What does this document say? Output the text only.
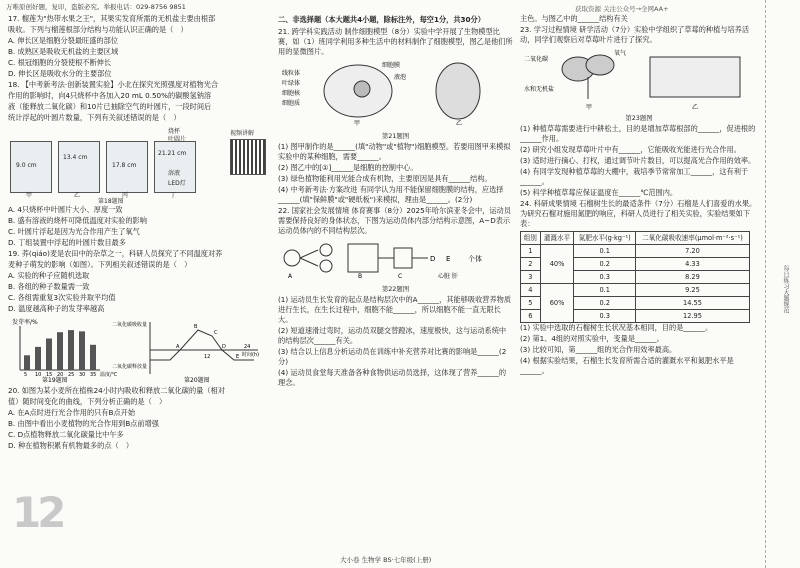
万唯原创好题，复印，盗版必究。举报电话：029-8756 9851	获取资源 关注公众号→全网AA+

17. 榴莲为"热带水果之王"，其果实发育所需的无机盐主要由根部

吸收。下列与榴莲根部分结构与功能认识正确的是（　）

A. 伸长区是细胞分裂最旺盛的部位

B. 成熟区是吸收无机盐的主要区域

C. 根冠细胞的分裂使根不断伸长

D. 伸长区是吸收水分的主要部位

18. 【中考新考法·创新装置实验】小北在探究光照强度对植物光合

作用的影响时，向4只烧杯中各加入20 mL 0.50%的碳酸氢钠溶

液（能释放二氧化碳）和10片已抽除空气的叶圆片，一段时间后

统计浮起的叶圆片数量，下列有关叙述错误的是（　）

9.0 cm
13.4 cm
17.8 cm
21.21 cm
烧杯
叶圆片
溶液
LED灯
甲	乙	丙	丁
第18题图
视频讲解

A. 4只烧杯中叶圆片大小、厚度一致

B. 盛有溶液的烧杯可降低温度对实验的影响

C. 叶圆片浮起是因为光合作用产生了氧气

D. 丁组装置中浮起的叶圆片数目最多

19. 荞(qiáo)麦是农田中的杂草之一，科研人员探究了不同温度对荞

麦种子萌发的影响（如图）。下列相关叙述错误的是（　）

A. 实验的种子应随机选取

B. 各组的种子数量需一致

C. 各组需重复3次实验并取平均值

D. 温度越高种子的发芽率越高

发芽率/%
5 10 15 20 25 30 35 温度/℃
第19题图
二氧化碳吸收量
二氧化碳释放量
A
B
C
D
E
12
24
时间(h)
第20题图

20. 如图为某小麦所在植株24小时内吸收和释放二氧化碳的量（相对

值）随时间变化的曲线，下列分析正确的是（　）

A. 在A点时进行光合作用的只有B点开始

B. 由图中看出小麦植物的光合作用到B点前增强

C. D点植物释放二氧化碳量比中午多

D. 种在植物积累有机物最多的点（　）

12

二、非选择题（本大题共4小题，除标注外，每空1分，共30分）

21. 跨学科实践活动 制作细胞模型（8分）实验中学开展了生物模型比赛，如（1）班同学利用多种生活中的材料制作了细胞模型，图乙是他们所用的显微图片。

线粒体
叶绿体
细胞核
细胞质
细胞膜
液泡
甲	乙

第21题图

(1) 图甲制作的是______(填"动物"或"植物")细胞模型。若要用图甲来模拟实验中的某种细胞，需要______。

(2) 图乙中的[①]______是细胞的控制中心。

(3) 绿色植物能利用光能合成有机物，主要原因是具有______结构。

(4) 中考新考法·方案改进 有同学认为用不能保留细胞膜的结构，应选择______(填"保鲜膜"或"硬纸板")来模拟，理由是______。(2分)

22. 国家社会发展情境 体育赛事（8分）2025年哈尔滨亚冬会中，运动员需要保持良好的身体状态，下图为运动员体内部分结构示意图，A~D表示运动员体内的不同结构层次。

D E	个体
A	B	C	心脏 肝

第22题图

(1) 运动员生长发育的起点是结构层次中的A______，其能够吸收营养物质进行生长，在生长过程中，细胞不能______，所以细胞不能一直无限长大。

(2) 短道速滑过弯时，运动员双腿交替蹬冰，速度极快，这与运动系统中的结构层次______有关。

(3) 结合以上信息分析运动员在训练中补充营养对比赛的影响是______(2分)

(4) 运动员食堂每天准备各种食物供运动员选择，这体现了营养______的理念。

大小卷 生物学 BS·七年级(上册)

主色。与图乙中的______结构有关

23. 学习过程情境 研学活动（7分）实验中学组织了草莓的种植与培养活动，同学们观察后对草莓叶片进行了探究。

二氧化碳
氧气
水和无机盐
甲	乙

第23题图

(1) 种植草莓需要进行中耕松土，目的是增加草莓根部的______，促进根的______作用。

(2) 研究小组发现草莓叶片中有______，它能吸收光能进行光合作用。

(3) 适时进行摘心、打杈，通过调节叶片数目，可以提高光合作用的效率。

(4) 有同学发现种植草莓的大棚中，栽培季节常常加工______，这有利于______。

(5) 科学种植草莓应保证温度在______℃范围内。

24. 科研成果情境 石榴树生长的最适条件（7分）石榴是人们喜爱的水果。为研究石榴对施用氮肥的响应，科研人员进行了相关实验，实验结果如下表：

组别	灌溉水平	氮肥水平(g·kg⁻¹)	二氧化碳吸收速率(μmol·m⁻²·s⁻¹)
1	40%	0.1	7.20
2		0.2	4.33
3		0.3	8.29
4	60%	0.1	9.25
5		0.2	14.55
6		0.3	12.95

(1) 实验中选取的石榴树生长状况基本相同，目的是______。

(2) 第1、4组的对照实验中，变量是______。

(3) 比较可知，第______组的光合作用效率最高。

(4) 根据实验结果，石榴生长发育所需合适的灌溉水平和氮肥水平是______。

每日练习大题规范
